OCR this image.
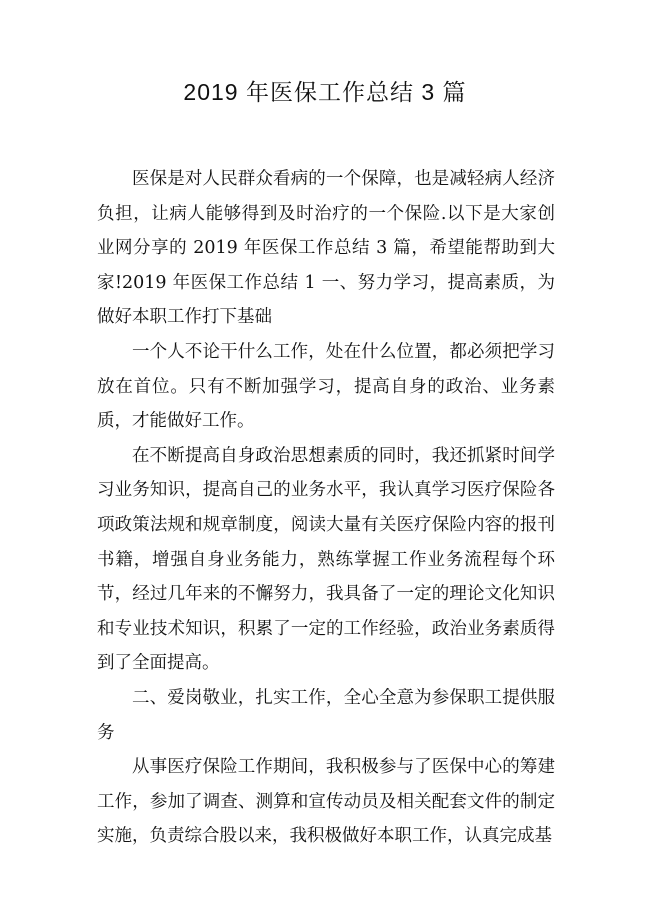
2019 年医保工作总结 3 篇

医保是对人民群众看病的一个保障，也是减轻病人经济负担，让病人能够得到及时治疗的一个保险.以下是大家创业网分享的 2019 年医保工作总结 3 篇，希望能帮助到大家!2019 年医保工作总结 1 一、努力学习，提高素质，为做好本职工作打下基础

一个人不论干什么工作，处在什么位置，都必须把学习放在首位。只有不断加强学习，提高自身的政治、业务素质，才能做好工作。

在不断提高自身政治思想素质的同时，我还抓紧时间学习业务知识，提高自己的业务水平，我认真学习医疗保险各项政策法规和规章制度，阅读大量有关医疗保险内容的报刊书籍，增强自身业务能力，熟练掌握工作业务流程每个环节，经过几年来的不懈努力，我具备了一定的理论文化知识和专业技术知识，积累了一定的工作经验，政治业务素质得到了全面提高。

二、爱岗敬业，扎实工作，全心全意为参保职工提供服务

从事医疗保险工作期间，我积极参与了医保中心的筹建工作，参加了调查、测算和宣传动员及相关配套文件的制定实施，负责综合股以来，我积极做好本职工作，认真完成基
